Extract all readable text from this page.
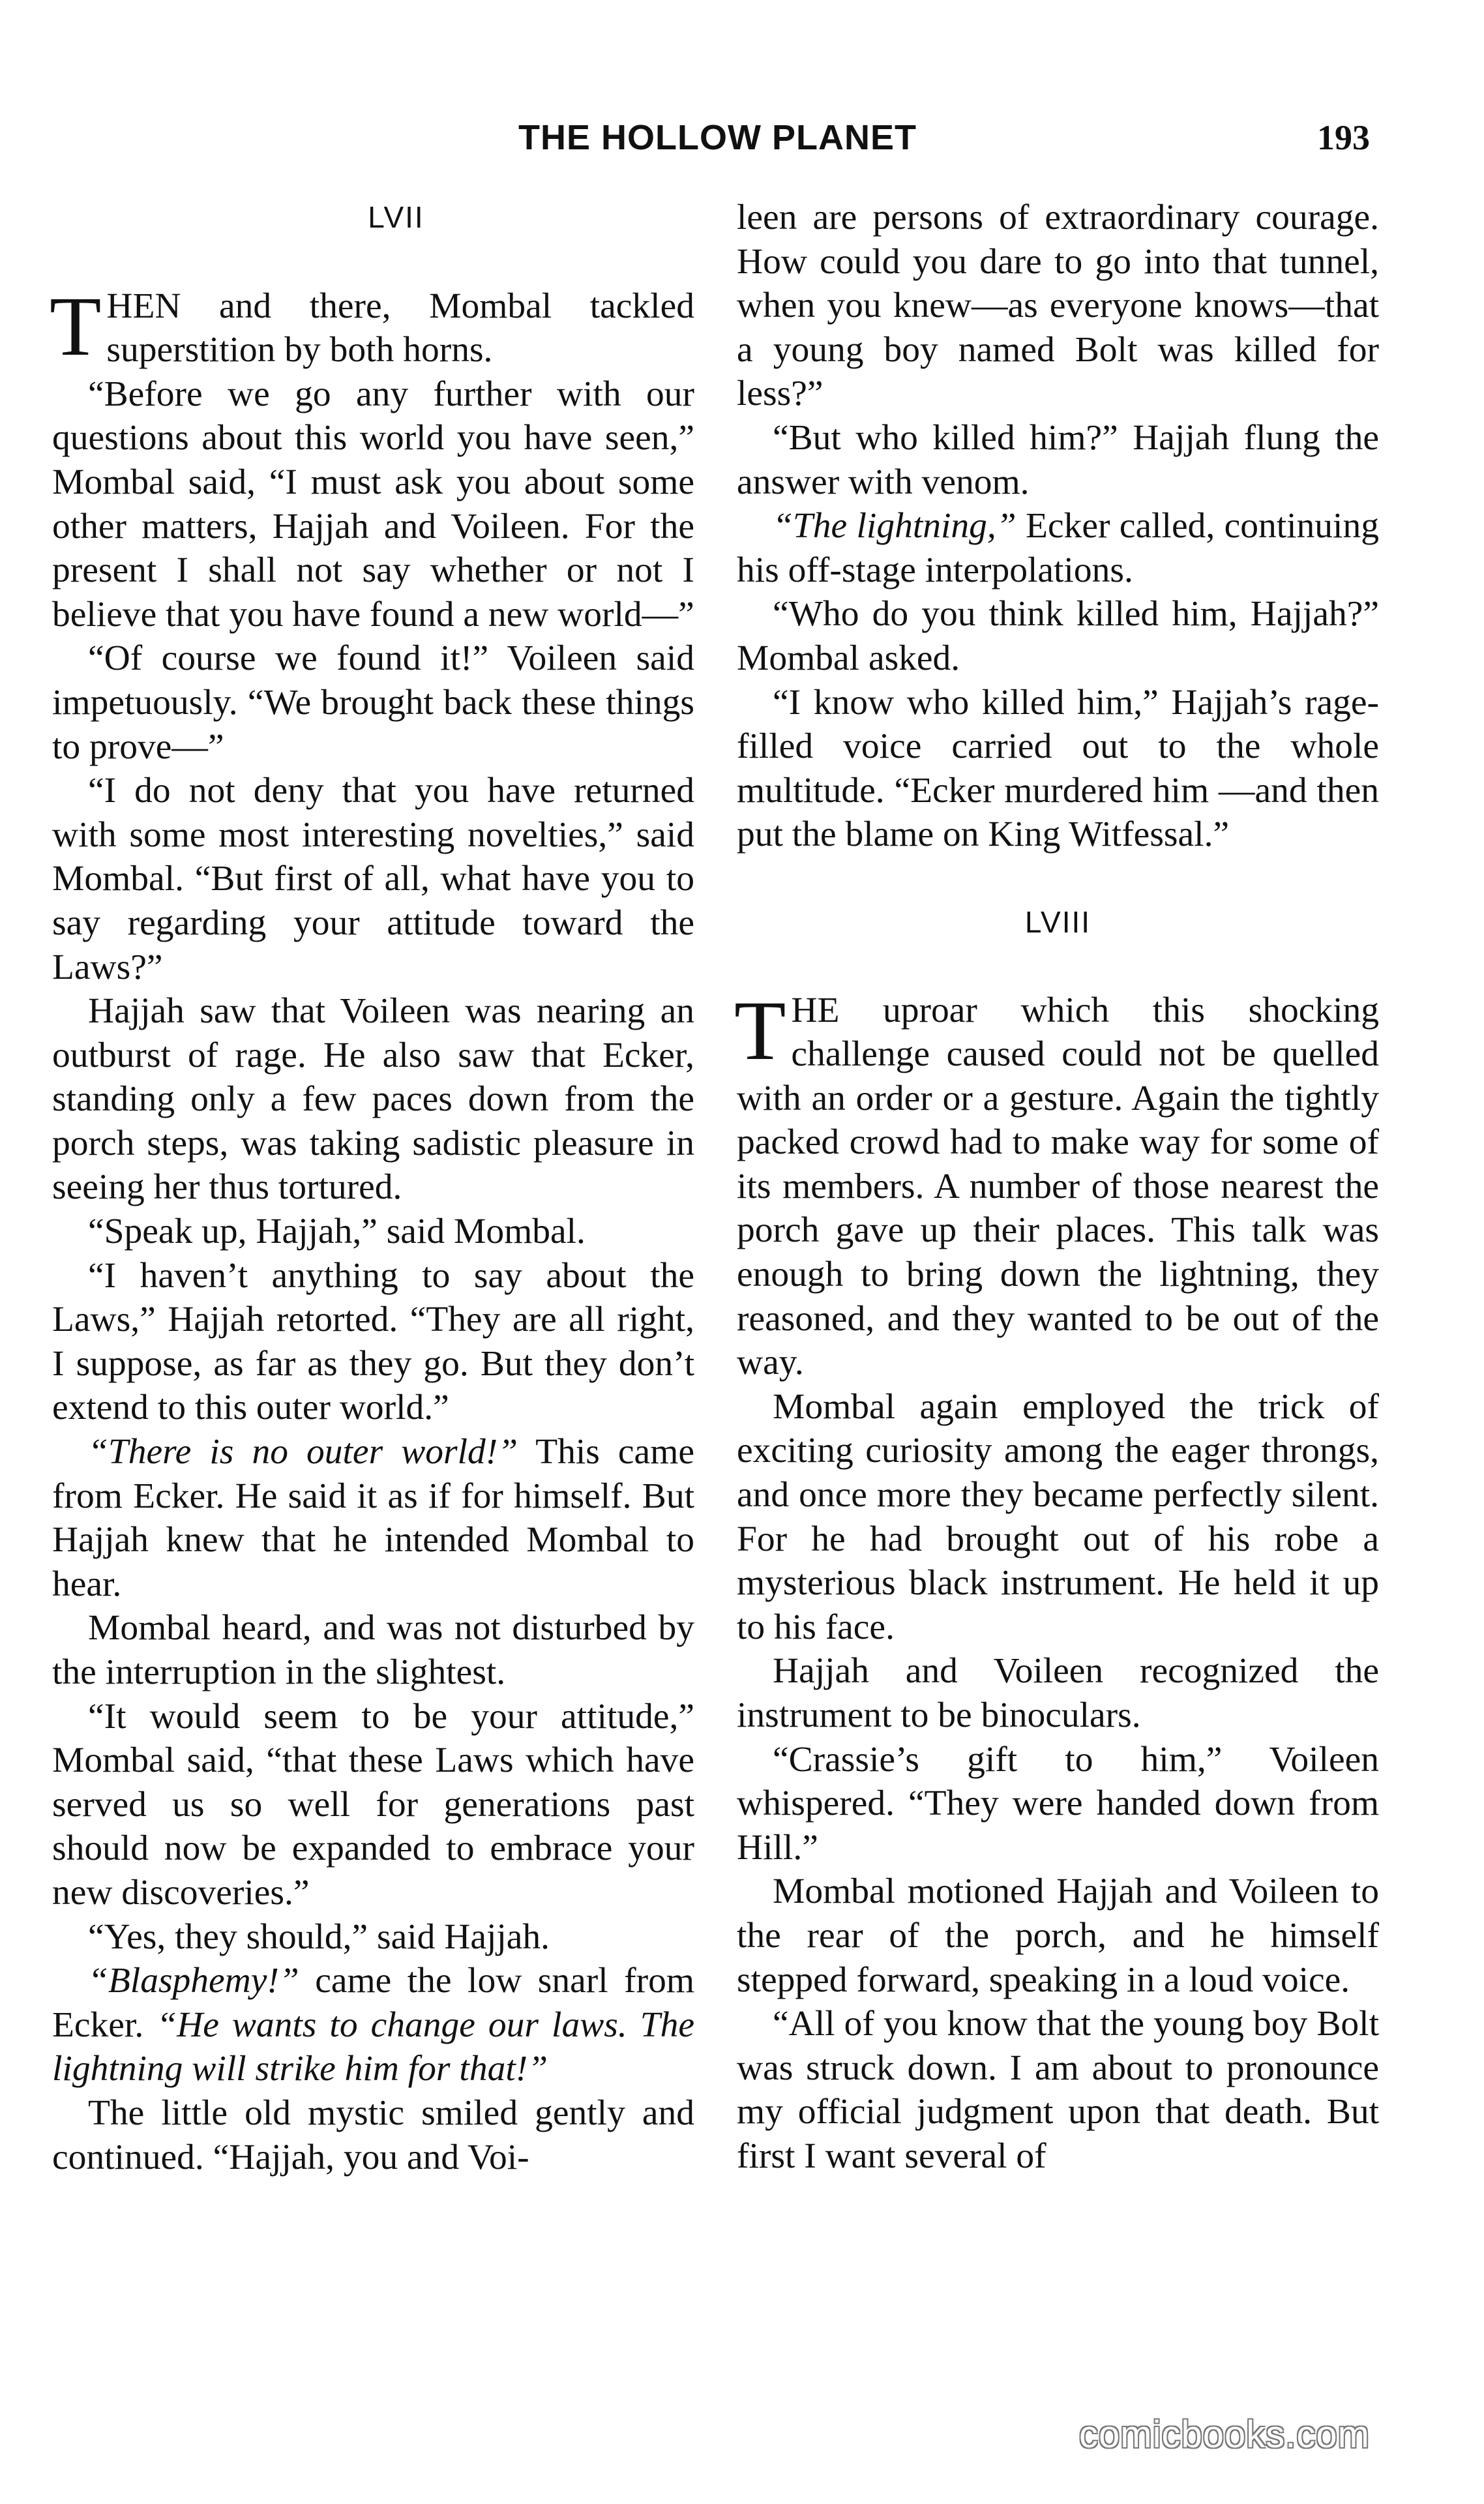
THE HOLLOW PLANET	193
LVII

THEN and there, Mombal tackled superstition by both horns.

“Before we go any further with our questions about this world you have seen,” Mombal said, “I must ask you about some other matters, Hajjah and Voileen. For the present I shall not say whether or not I believe that you have found a new world—”

“Of course we found it!” Voileen said impetuously. “We brought back these things to prove—”

“I do not deny that you have returned with some most interesting novelties,” said Mombal. “But first of all, what have you to say regarding your attitude toward the Laws?”

Hajjah saw that Voileen was nearing an outburst of rage. He also saw that Ecker, standing only a few paces down from the porch steps, was taking sadistic pleasure in seeing her thus tortured.

“Speak up, Hajjah,” said Mombal.

“I haven’t anything to say about the Laws,” Hajjah retorted. “They are all right, I suppose, as far as they go. But they don’t extend to this outer world.”

“There is no outer world!” This came from Ecker. He said it as if for himself. But Hajjah knew that he intended Mombal to hear.

Mombal heard, and was not disturbed by the interruption in the slightest.

“It would seem to be your attitude,” Mombal said, “that these Laws which have served us so well for generations past should now be expanded to embrace your new discoveries.”

“Yes, they should,” said Hajjah.

“Blasphemy!” came the low snarl from Ecker. “He wants to change our laws. The lightning will strike him for that!”

The little old mystic smiled gently and continued. “Hajjah, you and Voi-

leen are persons of extraordinary courage. How could you dare to go into that tunnel, when you knew—as everyone knows—that a young boy named Bolt was killed for less?”

“But who killed him?” Hajjah flung the answer with venom.

“The lightning,” Ecker called, continuing his off-stage interpolations.

“Who do you think killed him, Hajjah?” Mombal asked.

“I know who killed him,” Hajjah’s rage-filled voice carried out to the whole multitude. “Ecker murdered him —and then put the blame on King Witfessal.”

LVIII

THE uproar which this shocking challenge caused could not be quelled with an order or a gesture. Again the tightly packed crowd had to make way for some of its members. A number of those nearest the porch gave up their places. This talk was enough to bring down the lightning, they reasoned, and they wanted to be out of the way.

Mombal again employed the trick of exciting curiosity among the eager throngs, and once more they became perfectly silent. For he had brought out of his robe a mysterious black instrument. He held it up to his face.

Hajjah and Voileen recognized the instrument to be binoculars.

“Crassie’s gift to him,” Voileen whispered. “They were handed down from Hill.”

Mombal motioned Hajjah and Voileen to the rear of the porch, and he himself stepped forward, speaking in a loud voice.

“All of you know that the young boy Bolt was struck down. I am about to pronounce my official judgment upon that death. But first I want several of

comicbooks.com
